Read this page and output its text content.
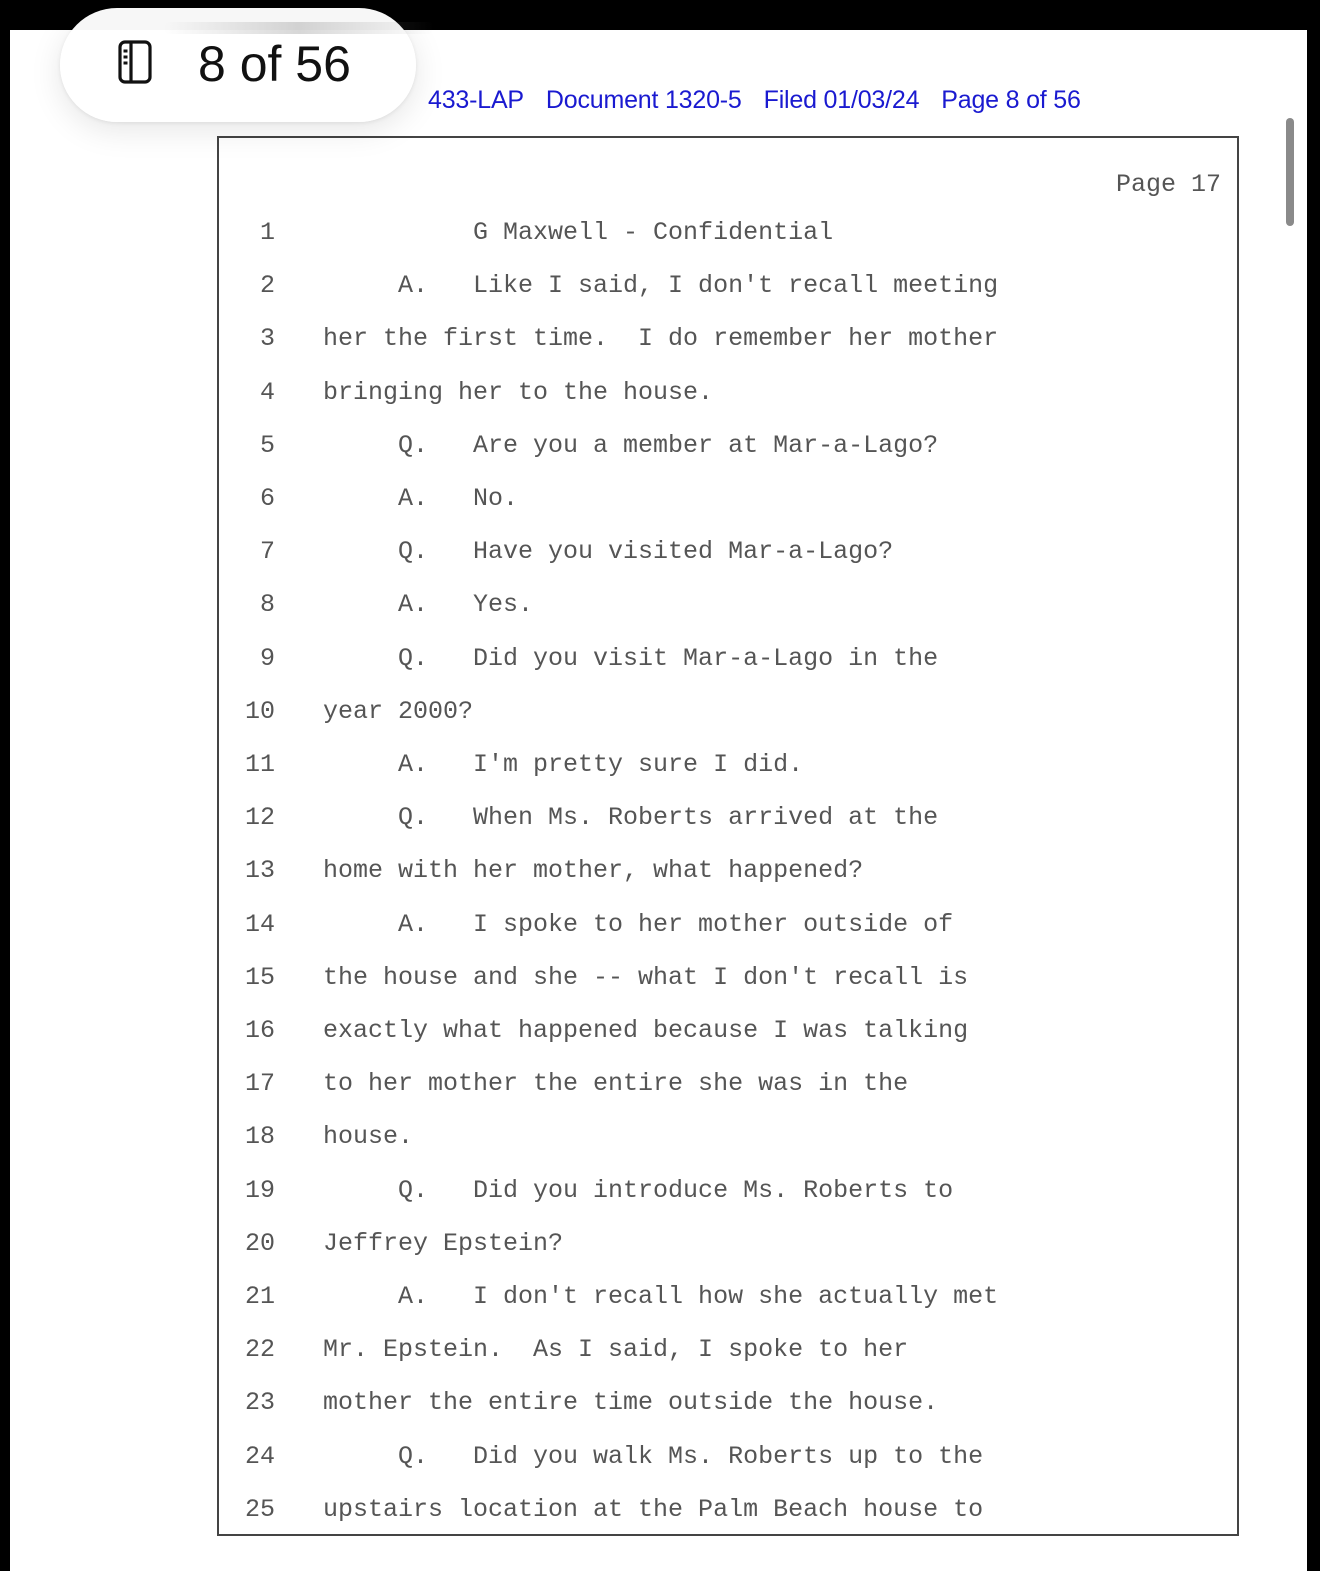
433-LAP Document 1320-5 Filed 01/03/24 Page 8 of 56
Page 17
1 G Maxwell - Confidential
2 A.   Like I said, I don't recall meeting
3 her the first time.  I do remember her mother
4 bringing her to the house.
5 Q.   Are you a member at Mar-a-Lago?
6 A.   No.
7 Q.   Have you visited Mar-a-Lago?
8 A.   Yes.
9 Q.   Did you visit Mar-a-Lago in the
10 year 2000?
11 A.   I'm pretty sure I did.
12 Q.   When Ms. Roberts arrived at the
13 home with her mother, what happened?
14 A.   I spoke to her mother outside of
15 the house and she -- what I don't recall is
16 exactly what happened because I was talking
17 to her mother the entire she was in the
18 house.
19 Q.   Did you introduce Ms. Roberts to
20 Jeffrey Epstein?
21 A.   I don't recall how she actually met
22 Mr. Epstein.  As I said, I spoke to her
23 mother the entire time outside the house.
24 Q.   Did you walk Ms. Roberts up to the
25 upstairs location at the Palm Beach house to
8 of 56
